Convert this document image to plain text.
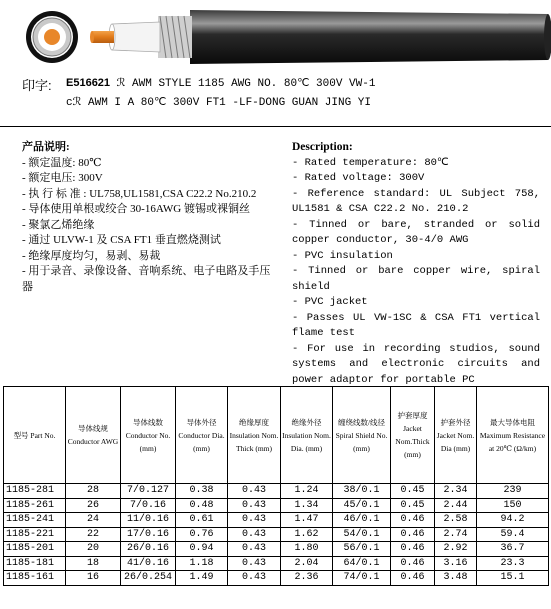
印字: E516621 ℛ AWM STYLE 1185 AWG NO. 80℃ 300V VW-1
cℛ AWM I A 80℃ 300V FT1 -LF-DONG GUAN JING YI
产品说明:
- 额定温度: 80℃
- 额定电压: 300V
- 执 行 标 准 : UL758,UL1581,CSA C22.2 No.210.2
- 导体使用单根或绞合 30-16AWG 镀锡或裸铜丝
- 聚氯乙烯绝缘
- 通过 ULVW-1 及 CSA FT1 垂直燃烧测试
- 绝缘厚度均匀，易剥、易裁
- 用于录音、录像设备、音响系统、电子电路及手压器
Description:
- Rated temperature: 80℃
- Rated voltage: 300V
- Reference standard: UL Subject 758, UL1581 & CSA C22.2 No. 210.2
- Tinned or bare, stranded or solid copper conductor, 30-4/0 AWG
- PVC insulation
- Tinned or bare copper wire, spiral shield
- PVC jacket
- Passes UL VW-1SC & CSA FT1 vertical flame test
- For use in recording studios, sound systems and electronic circuits and power adaptor for portable PC
型号 Part No.	导体线规 Conductor AWG	导体线数 Conductor No. (mm)	导体外径 Conductor Dia. (mm)	绝缘厚度 Insulation Nom. Thick (mm)	绝缘外径 Insulation Nom. Dia. (mm)	缠绕线数/线径 Spiral Shield No. (mm)	护套厚度 Jacket Nom.Thick (mm)	护套外径 Jacket Nom. Dia (mm)	最大导体电阻 Maximum Resistance at 20℃ (Ω/km)
1185-281	28	7/0.127	0.38	0.43	1.24	38/0.1	0.45	2.34	239
1185-261	26	7/0.16	0.48	0.43	1.34	45/0.1	0.45	2.44	150
1185-241	24	11/0.16	0.61	0.43	1.47	46/0.1	0.46	2.58	94.2
1185-221	22	17/0.16	0.76	0.43	1.62	54/0.1	0.46	2.74	59.4
1185-201	20	26/0.16	0.94	0.43	1.80	56/0.1	0.46	2.92	36.7
1185-181	18	41/0.16	1.18	0.43	2.04	64/0.1	0.46	3.16	23.3
1185-161	16	26/0.254	1.49	0.43	2.36	74/0.1	0.46	3.48	15.1
